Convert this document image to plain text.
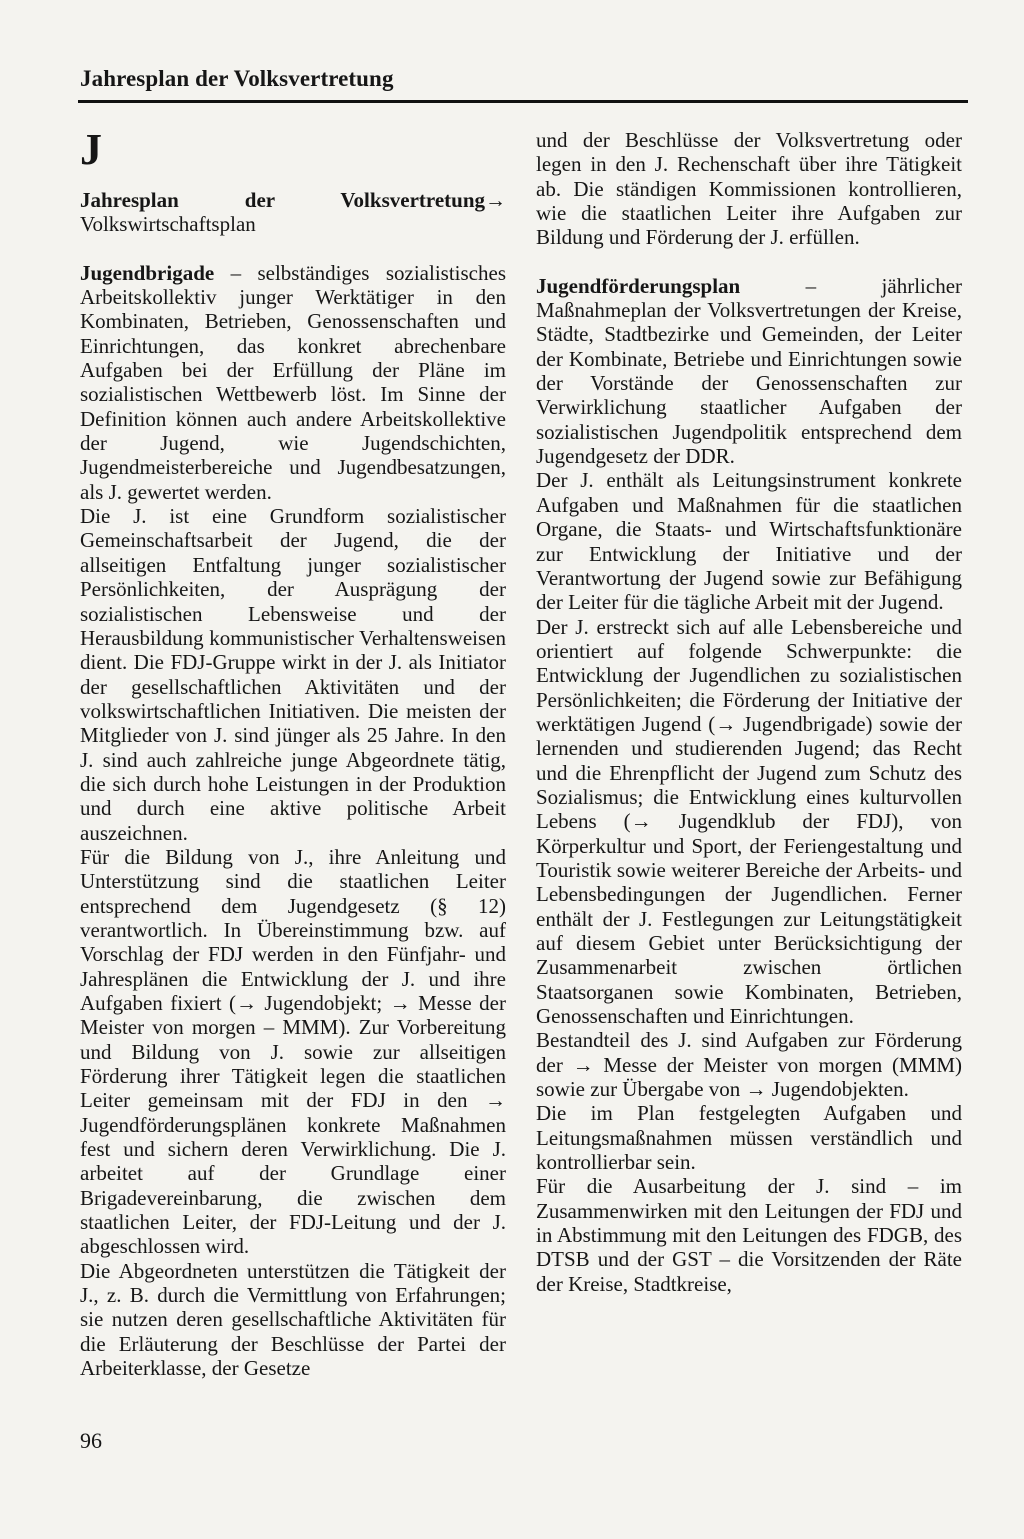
Jahresplan der Volksvertretung
J

Jahresplan der Volksvertretung→ Volkswirtschaftsplan

Jugendbrigade – selbständiges sozialistisches Arbeitskollektiv junger Werktätiger in den Kombinaten, Betrieben, Genossenschaften und Einrichtungen, das konkret abrechenbare Aufgaben bei der Erfüllung der Pläne im sozialistischen Wettbewerb löst. Im Sinne der Definition können auch andere Arbeitskollektive der Jugend, wie Jugendschichten, Jugendmeisterbereiche und Jugendbesatzungen, als J. gewertet werden.

Die J. ist eine Grundform sozialistischer Gemeinschaftsarbeit der Jugend, die der allseitigen Entfaltung junger sozialistischer Persönlichkeiten, der Ausprägung der sozialistischen Lebensweise und der Herausbildung kommunistischer Verhaltensweisen dient. Die FDJ-Gruppe wirkt in der J. als Initiator der gesellschaftlichen Aktivitäten und der volkswirtschaftlichen Initiativen. Die meisten der Mitglieder von J. sind jünger als 25 Jahre. In den J. sind auch zahlreiche junge Abgeordnete tätig, die sich durch hohe Leistungen in der Produktion und durch eine aktive politische Arbeit auszeichnen.

Für die Bildung von J., ihre Anleitung und Unterstützung sind die staatlichen Leiter entsprechend dem Jugendgesetz (§ 12) verantwortlich. In Übereinstimmung bzw. auf Vorschlag der FDJ werden in den Fünfjahr- und Jahresplänen die Entwicklung der J. und ihre Aufgaben fixiert (→ Jugendobjekt; → Messe der Meister von morgen – MMM). Zur Vorbereitung und Bildung von J. sowie zur allseitigen Förderung ihrer Tätigkeit legen die staatlichen Leiter gemeinsam mit der FDJ in den → Jugendförderungsplänen konkrete Maßnahmen fest und sichern deren Verwirklichung. Die J. arbeitet auf der Grundlage einer Brigadevereinbarung, die zwischen dem staatlichen Leiter, der FDJ-Leitung und der J. abgeschlossen wird.

Die Abgeordneten unterstützen die Tätigkeit der J., z. B. durch die Vermittlung von Erfahrungen; sie nutzen deren gesellschaftliche Aktivitäten für die Erläuterung der Beschlüsse der Partei der Arbeiterklasse, der Gesetze

und der Beschlüsse der Volksvertretung oder legen in den J. Rechenschaft über ihre Tätigkeit ab. Die ständigen Kommissionen kontrollieren, wie die staatlichen Leiter ihre Aufgaben zur Bildung und Förderung der J. erfüllen.

Jugendförderungsplan	– jährlicher Maßnahmeplan der Volksvertretungen der Kreise, Städte, Stadtbezirke und Gemeinden, der Leiter der Kombinate, Betriebe und Einrichtungen sowie der Vorstände der Genossenschaften zur Verwirklichung staatlicher Aufgaben der sozialistischen Jugendpolitik entsprechend dem Jugendgesetz der DDR.

Der J. enthält als Leitungsinstrument konkrete Aufgaben und Maßnahmen für die staatlichen Organe, die Staats- und Wirtschaftsfunktionäre zur Entwicklung der Initiative und der Verantwortung der Jugend sowie zur Befähigung der Leiter für die tägliche Arbeit mit der Jugend.

Der J. erstreckt sich auf alle Lebensbereiche und orientiert auf folgende Schwerpunkte: die Entwicklung der Jugendlichen zu sozialistischen Persönlichkeiten; die Förderung der Initiative der werktätigen Jugend (→ Jugendbrigade) sowie der lernenden und studierenden Jugend; das Recht und die Ehrenpflicht der Jugend zum Schutz des Sozialismus; die Entwicklung eines kulturvollen Lebens (→ Jugendklub der FDJ), von Körperkultur und Sport, der Feriengestaltung und Touristik sowie weiterer Bereiche der Arbeits- und Lebensbedingungen der Jugendlichen. Ferner enthält der J. Festlegungen zur Leitungstätigkeit auf diesem Gebiet unter Berücksichtigung der Zusammenarbeit zwischen örtlichen Staatsorganen sowie Kombinaten, Betrieben, Genossenschaften und Einrichtungen.

Bestandteil des J. sind Aufgaben zur Förderung der → Messe der Meister von morgen (MMM) sowie zur Übergabe von → Jugendobjekten.

Die im Plan festgelegten Aufgaben und Leitungsmaßnahmen müssen verständlich und kontrollierbar sein.

Für die Ausarbeitung der J. sind – im Zusammenwirken mit den Leitungen der FDJ und in Abstimmung mit den Leitungen des FDGB, des DTSB und der GST – die Vorsitzenden der Räte der Kreise, Stadtkreise,

96
